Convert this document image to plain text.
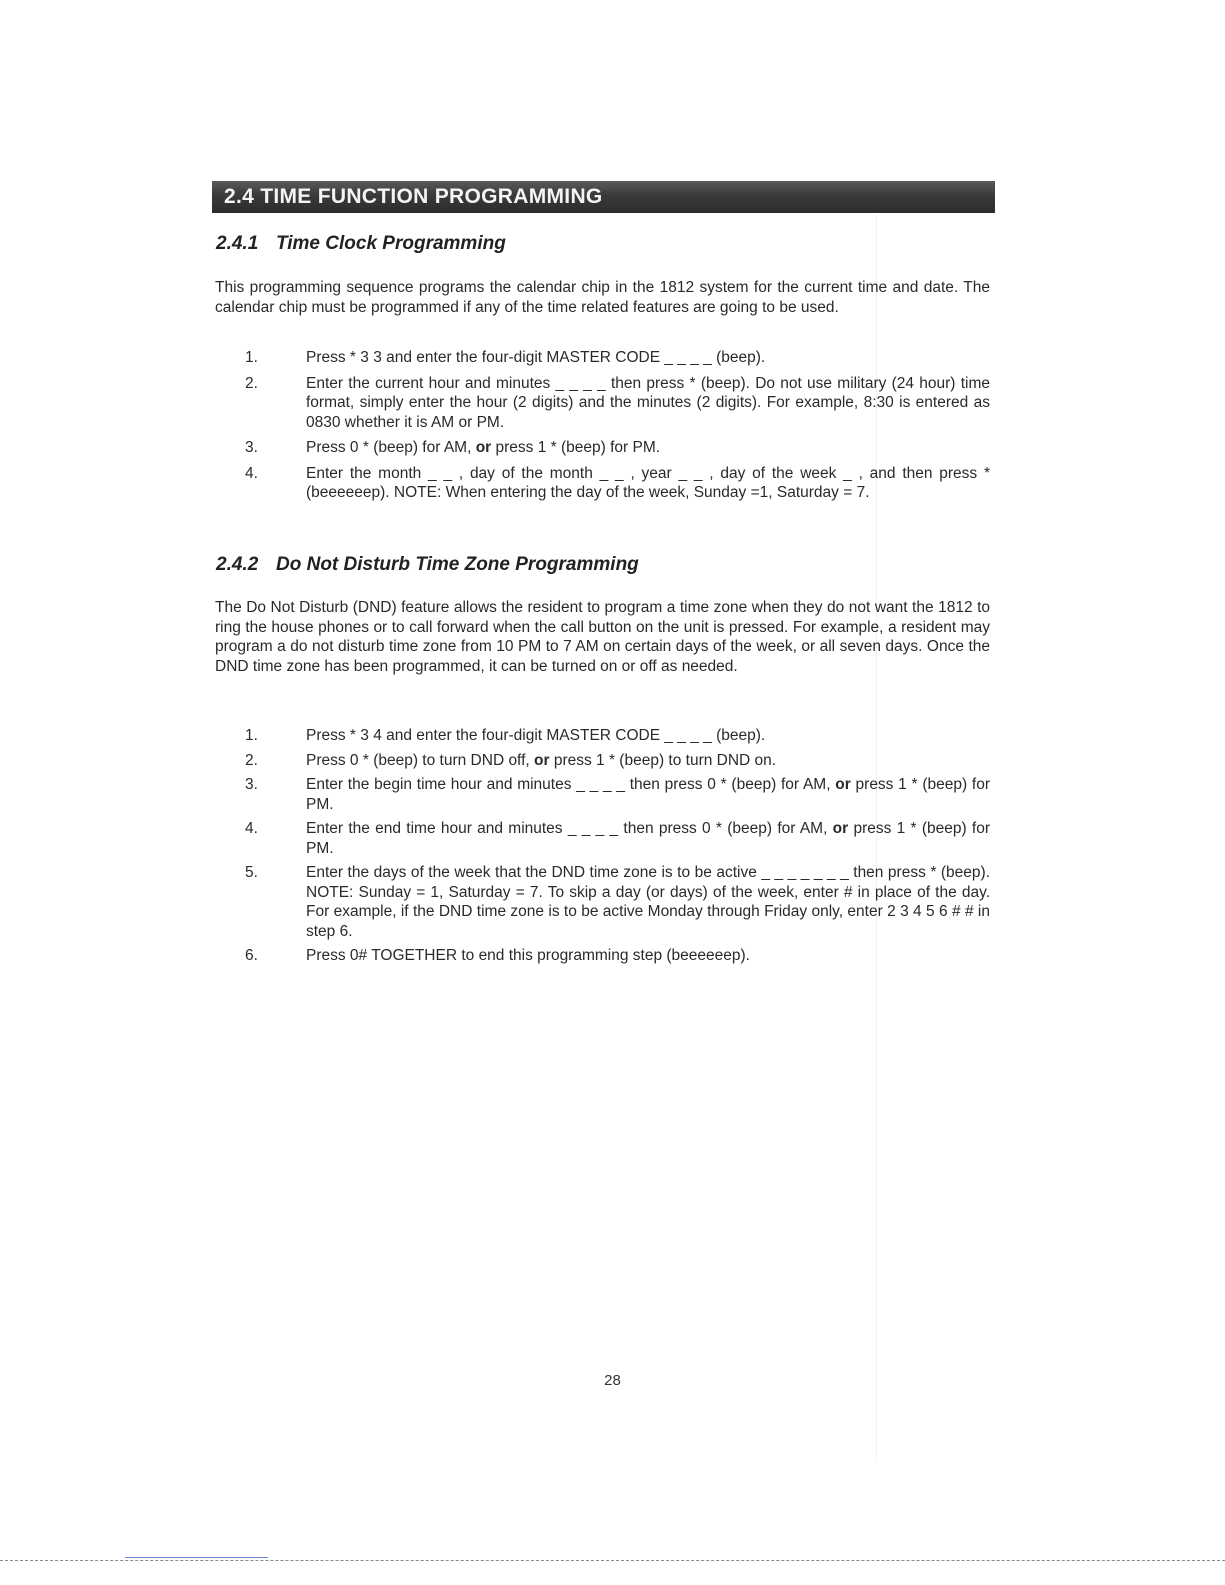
2.4 TIME FUNCTION PROGRAMMING
2.4.1 Time Clock Programming

This programming sequence programs the calendar chip in the 1812 system for the current time and date. The calendar chip must be programmed if any of the time related features are going to be used.

1.	Press * 3 3 and enter the four-digit MASTER CODE _ _ _ _ (beep).
2.	Enter the current hour and minutes _ _ _ _ then press * (beep). Do not use military (24 hour) time format, simply enter the hour (2 digits) and the minutes (2 digits). For example, 8:30 is entered as 0830 whether it is AM or PM.
3.	Press 0 * (beep) for AM, or press 1 * (beep) for PM.
4.	Enter the month _ _ , day of the month _ _ , year _ _ , day of the week _ , and then press * (beeeeeep). NOTE: When entering the day of the week, Sunday =1, Saturday = 7.
2.4.2 Do Not Disturb Time Zone Programming

The Do Not Disturb (DND) feature allows the resident to program a time zone when they do not want the 1812 to ring the house phones or to call forward when the call button on the unit is pressed. For example, a resident may program a do not disturb time zone from 10 PM to 7 AM on certain days of the week, or all seven days. Once the DND time zone has been programmed, it can be turned on or off as needed.

1.	Press * 3 4 and enter the four-digit MASTER CODE _ _ _ _ (beep).
2.	Press 0 * (beep) to turn DND off, or press 1 * (beep) to turn DND on.
3.	Enter the begin time hour and minutes _ _ _ _ then press 0 * (beep) for AM, or press 1 * (beep) for PM.
4.	Enter the end time hour and minutes _ _ _ _ then press 0 * (beep) for AM, or press 1 * (beep) for PM.
5.	Enter the days of the week that the DND time zone is to be active _ _ _ _ _ _ _ then press * (beep). NOTE: Sunday = 1, Saturday = 7. To skip a day (or days) of the week, enter # in place of the day. For example, if the DND time zone is to be active Monday through Friday only, enter 2 3 4 5 6 # # in step 6.
6.	Press 0# TOGETHER to end this programming step (beeeeeep).
28
